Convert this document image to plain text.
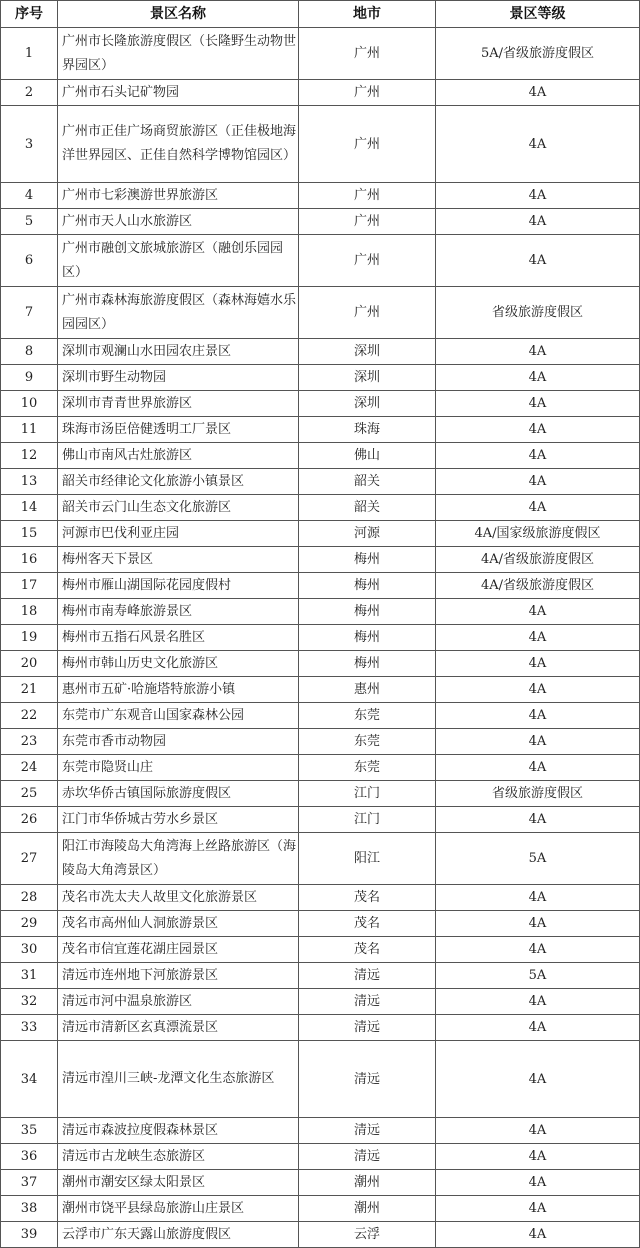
序号	景区名称	地市	景区等级
1	广州市长隆旅游度假区（长隆野生动物世界园区）	广州	5A/省级旅游度假区
2	广州市石头记矿物园	广州	4A
3	广州市正佳广场商贸旅游区（正佳极地海洋世界园区、正佳自然科学博物馆园区）	广州	4A
4	广州市七彩澳游世界旅游区	广州	4A
5	广州市天人山水旅游区	广州	4A
6	广州市融创文旅城旅游区（融创乐园园区）	广州	4A
7	广州市森林海旅游度假区（森林海嬉水乐园园区）	广州	省级旅游度假区
8	深圳市观澜山水田园农庄景区	深圳	4A
9	深圳市野生动物园	深圳	4A
10	深圳市青青世界旅游区	深圳	4A
11	珠海市汤臣倍健透明工厂景区	珠海	4A
12	佛山市南风古灶旅游区	佛山	4A
13	韶关市经律论文化旅游小镇景区	韶关	4A
14	韶关市云门山生态文化旅游区	韶关	4A
15	河源市巴伐利亚庄园	河源	4A/国家级旅游度假区
16	梅州客天下景区	梅州	4A/省级旅游度假区
17	梅州市雁山湖国际花园度假村	梅州	4A/省级旅游度假区
18	梅州市南寿峰旅游景区	梅州	4A
19	梅州市五指石风景名胜区	梅州	4A
20	梅州市韩山历史文化旅游区	梅州	4A
21	惠州市五矿·哈施塔特旅游小镇	惠州	4A
22	东莞市广东观音山国家森林公园	东莞	4A
23	东莞市香市动物园	东莞	4A
24	东莞市隐贤山庄	东莞	4A
25	赤坎华侨古镇国际旅游度假区	江门	省级旅游度假区
26	江门市华侨城古劳水乡景区	江门	4A
27	阳江市海陵岛大角湾海上丝路旅游区（海陵岛大角湾景区）	阳江	5A
28	茂名市冼太夫人故里文化旅游景区	茂名	4A
29	茂名市高州仙人洞旅游景区	茂名	4A
30	茂名市信宜莲花湖庄园景区	茂名	4A
31	清远市连州地下河旅游景区	清远	5A
32	清远市河中温泉旅游区	清远	4A
33	清远市清新区玄真漂流景区	清远	4A
34	清远市湟川三峡-龙潭文化生态旅游区	清远	4A
35	清远市森波拉度假森林景区	清远	4A
36	清远市古龙峡生态旅游区	清远	4A
37	潮州市潮安区绿太阳景区	潮州	4A
38	潮州市饶平县绿岛旅游山庄景区	潮州	4A
39	云浮市广东天露山旅游度假区	云浮	4A
